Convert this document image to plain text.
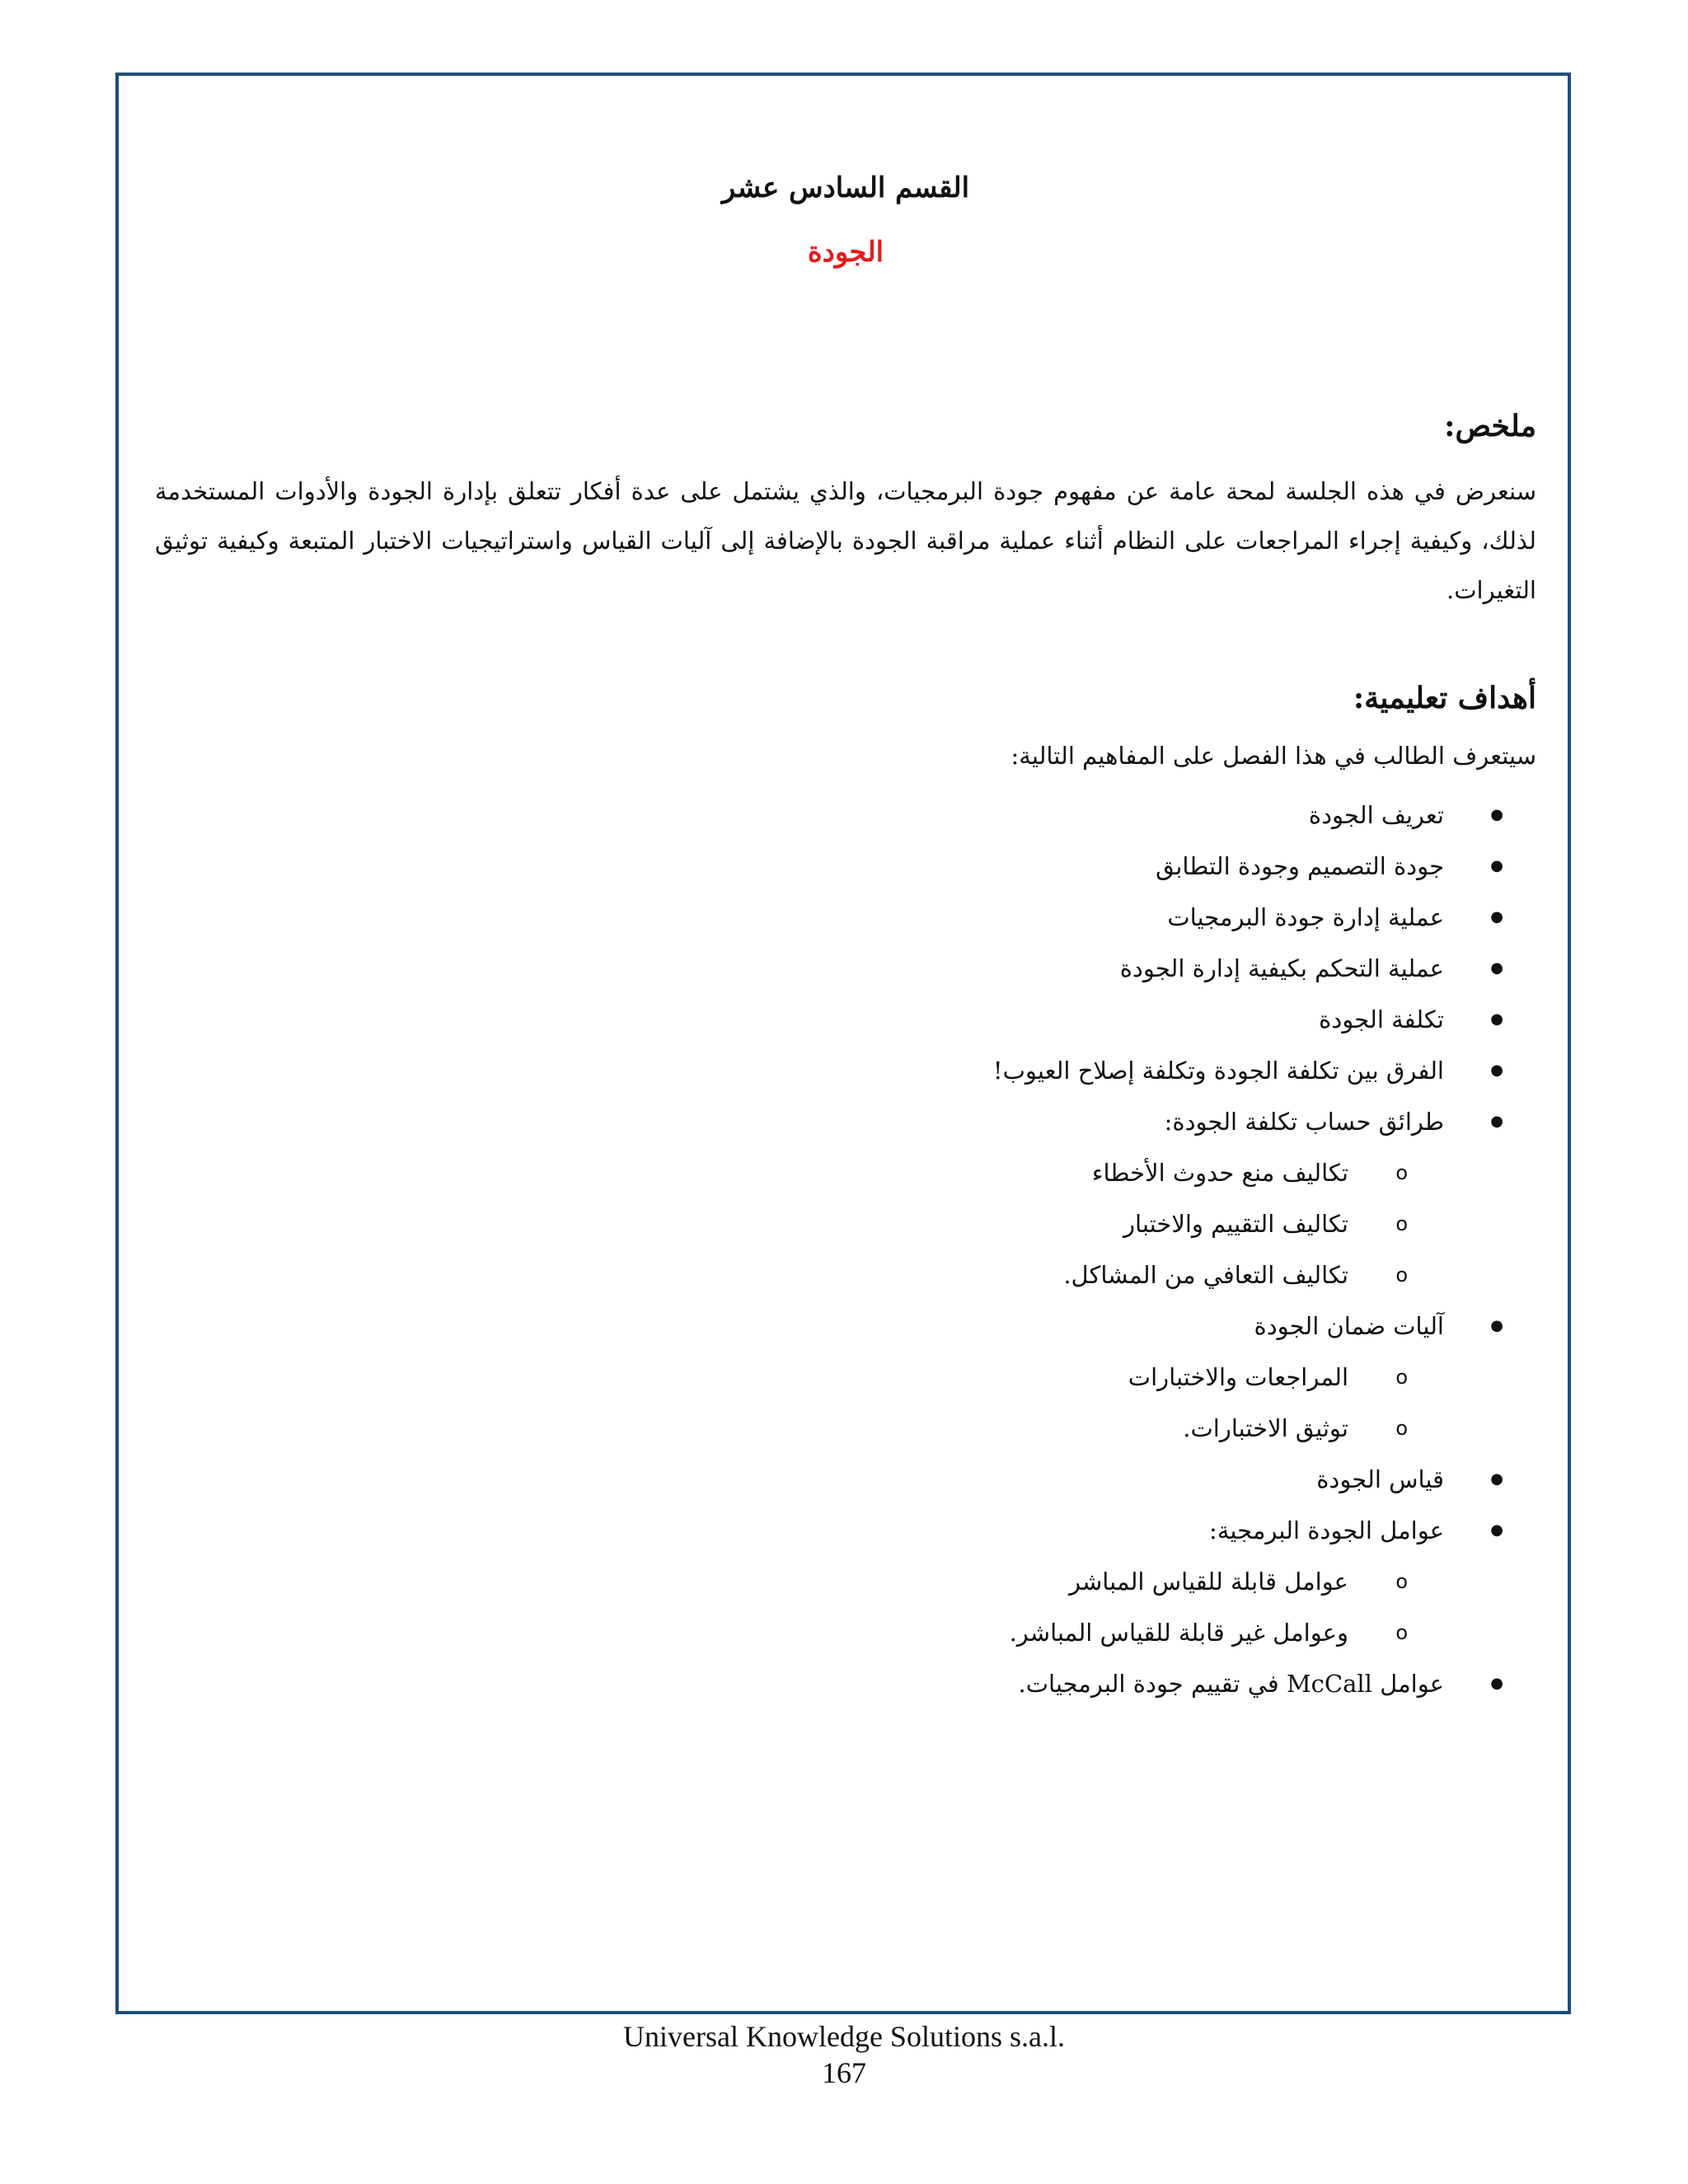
القسم السادس عشر
الجودة
ملخص:
سنعرض في هذه الجلسة لمحة عامة عن مفهوم جودة البرمجيات، والذي يشتمل على عدة أفكار تتعلق بإدارة الجودة والأدوات المستخدمة لذلك، وكيفية إجراء المراجعات على النظام أثناء عملية مراقبة الجودة بالإضافة إلى آليات القياس واستراتيجيات الاختبار المتبعة وكيفية توثيق التغيرات.
أهداف تعليمية:
سيتعرف الطالب في هذا الفصل على المفاهيم التالية:
●
تعريف الجودة
●
جودة التصميم وجودة التطابق
●
عملية إدارة جودة البرمجيات
●
عملية التحكم بكيفية إدارة الجودة
●
تكلفة الجودة
●
الفرق بين تكلفة الجودة وتكلفة إصلاح العيوب!
●
طرائق حساب تكلفة الجودة:
o
تكاليف منع حدوث الأخطاء
o
تكاليف التقييم والاختبار
o
تكاليف التعافي من المشاكل.
●
آليات ضمان الجودة
o
المراجعات والاختبارات
o
توثيق الاختبارات.
●
قياس الجودة
●
عوامل الجودة البرمجية:
o
عوامل قابلة للقياس المباشر
o
وعوامل غير قابلة للقياس المباشر.
●
عوامل McCall في تقييم جودة البرمجيات.
Universal Knowledge Solutions s.a.l.
167
